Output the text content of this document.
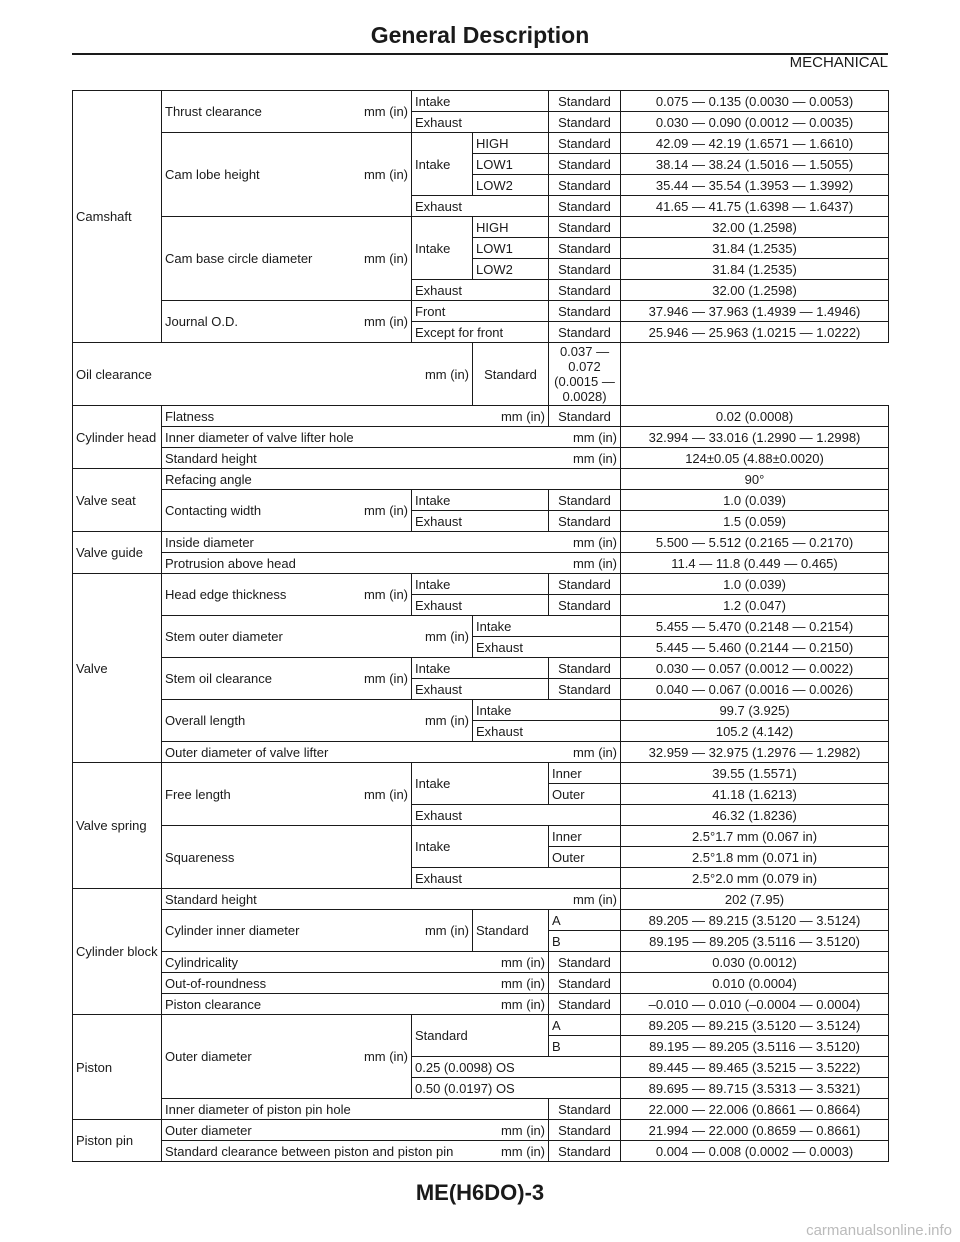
General Description
MECHANICAL
Camshaft	Thrust clearance mm (in)	Intake		Standard	0.075 — 0.135 (0.0030 — 0.0053)
		Exhaust		Standard	0.030 — 0.090 (0.0012 — 0.0035)

	Cam lobe height mm (in)	Intake	HIGH	Standard	42.09 — 42.19 (1.6571 — 1.6610)
			LOW1	Standard	38.14 — 38.24 (1.5016 — 1.5055)
			LOW2	Standard	35.44 — 35.54 (1.3953 — 1.3992)
		Exhaust		Standard	41.65 — 41.75 (1.6398 — 1.6437)

	Cam base circle diameter mm (in)	Intake	HIGH	Standard	32.00 (1.2598)
			LOW1	Standard	31.84 (1.2535)
			LOW2	Standard	31.84 (1.2535)
		Exhaust		Standard	32.00 (1.2598)

	Journal O.D. mm (in)	Front		Standard	37.946 — 37.963 (1.4939 — 1.4946)
		Except for front		Standard	25.946 — 25.963 (1.0215 — 1.0222)

Oil clearance mm (in)			Standard	0.037 — 0.072 (0.0015 — 0.0028)	
Cylinder head	Flatness mm (in)			Standard	0.02 (0.0008)

	Inner diameter of valve lifter hole mm (in)				32.994 — 33.016 (1.2990 — 1.2998)

	Standard height mm (in)				124±0.05 (4.88±0.0020)
Valve seat	Refacing angle				90°

	Contacting width mm (in)	Intake		Standard	1.0 (0.039)
		Exhaust		Standard	1.5 (0.059)
Valve guide	Inside diameter mm (in)				5.500 — 5.512 (0.2165 — 0.2170)

	Protrusion above head mm (in)				11.4 — 11.8 (0.449 — 0.465)
Valve	Head edge thickness mm (in)	Intake		Standard	1.0 (0.039)
		Exhaust		Standard	1.2 (0.047)

	Stem outer diameter mm (in)		Intake		5.455 — 5.470 (0.2148 — 0.2154)
			Exhaust		5.445 — 5.460 (0.2144 — 0.2150)

	Stem oil clearance mm (in)	Intake		Standard	0.030 — 0.057 (0.0012 — 0.0022)
		Exhaust		Standard	0.040 — 0.067 (0.0016 — 0.0026)

	Overall length mm (in)		Intake		99.7 (3.925)
			Exhaust		105.2 (4.142)

	Outer diameter of valve lifter mm (in)				32.959 — 32.975 (1.2976 — 1.2982)
Valve spring	Free length mm (in)	Intake		Inner	39.55 (1.5571)
				Outer	41.18 (1.6213)
		Exhaust			46.32 (1.8236)
	Squareness	Intake		Inner	2.5°1.7 mm (0.067 in)
				Outer	2.5°1.8 mm (0.071 in)
		Exhaust			2.5°2.0 mm (0.079 in)
Cylinder block	Standard height mm (in)				202 (7.95)

	Cylinder inner diameter mm (in)		Standard	A	89.205 — 89.215 (3.5120 — 3.5124)
				B	89.195 — 89.205 (3.5116 — 3.5120)

	Cylindricality mm (in)			Standard	0.030 (0.0012)

	Out-of-roundness mm (in)			Standard	0.010 (0.0004)

	Piston clearance mm (in)			Standard	–0.010 — 0.010 (–0.0004 — 0.0004)
Piston	Outer diameter mm (in)	Standard		A	89.205 — 89.215 (3.5120 — 3.5124)
				B	89.195 — 89.205 (3.5116 — 3.5120)
		0.25 (0.0098) OS			89.445 — 89.465 (3.5215 — 3.5222)
		0.50 (0.0197) OS			89.695 — 89.715 (3.5313 — 3.5321)
	Inner diameter of piston pin hole			Standard	22.000 — 22.006 (0.8661 — 0.8664)
Piston pin	Outer diameter mm (in)			Standard	21.994 — 22.000 (0.8659 — 0.8661)

	Standard clearance between piston and piston pin mm (in)			Standard	0.004 — 0.008 (0.0002 — 0.0003)
ME(H6DO)-3
carmanualsonline.info
